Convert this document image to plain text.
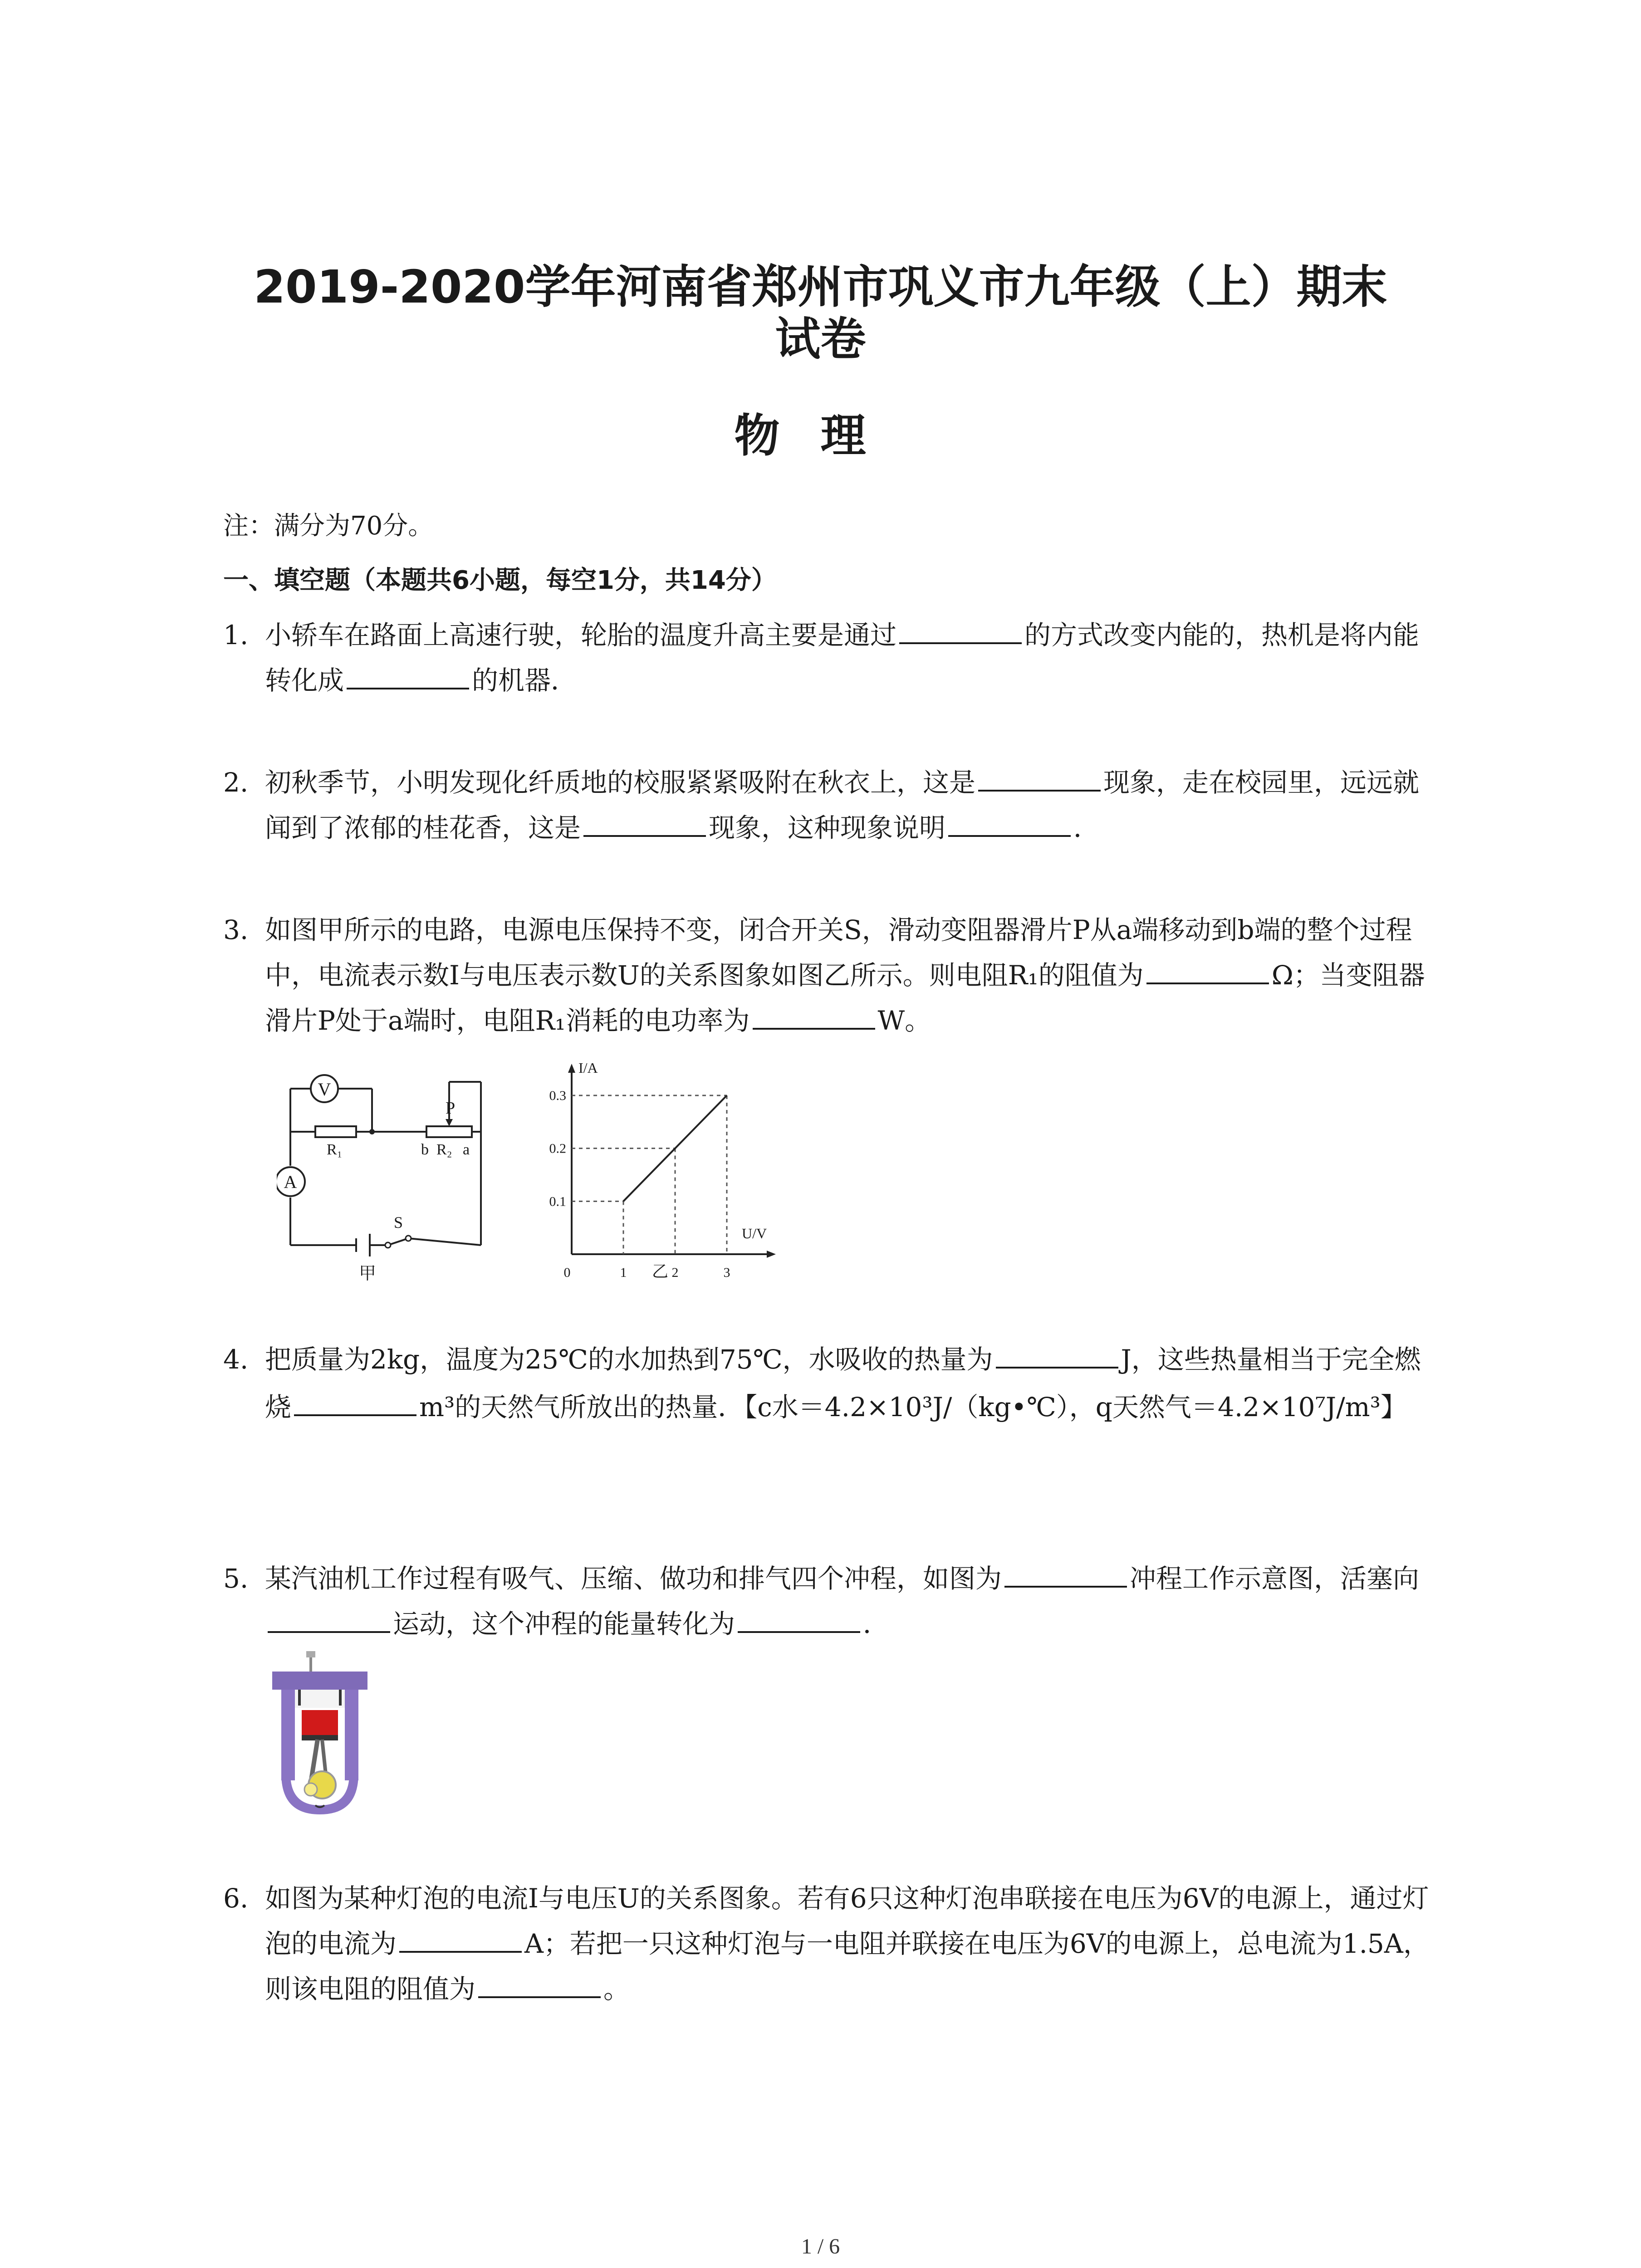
2019-2020学年河南省郑州市巩义市九年级（上）期末
试卷
物理
注：满分为70分。
一、填空题（本题共6小题，每空1分，共14分）
1. 小轿车在路面上高速行驶，轮胎的温度升高主要是通过	的方式改变内能的，热机是将内能转化成	的机器．
2. 初秋季节，小明发现化纤质地的校服紧紧吸附在秋衣上，这是	现象，走在校园里，远远就闻到了浓郁的桂花香，这是	现象，这种现象说明	．
3. 如图甲所示的电路，电源电压保持不变，闭合开关S，滑动变阻器滑片P从a端移动到b端的整个过程中，电流表示数I与电压表示数U的关系图象如图乙所示。则电阻R₁的阻值为	Ω；当变阻器滑片P处于a端时，电阻R₁消耗的电功率为	W。
V
A
R₁	R₂
P
b a
S
甲	0	1	2	3
0.1
0.2
0.3
I/A
U/V
乙
4. 把质量为2kg，温度为25℃的水加热到75℃，水吸收的热量为	J，这些热量相当于完全燃烧	m³的天然气所放出的热量．【c水＝4.2×10³J/（kg•℃），q天然气＝4.2×10⁷J/m³】
5. 某汽油机工作过程有吸气、压缩、做功和排气四个冲程，如图为	冲程工作示意图，活塞向运动，这个冲程的能量转化为	．
6. 如图为某种灯泡的电流I与电压U的关系图象。若有6只这种灯泡串联接在电压为6V的电源上，通过灯泡的电流为	A；若把一只这种灯泡与一电阻并联接在电压为6V的电源上，总电流为1.5A，则该电阻的阻值为	。
1 / 6
